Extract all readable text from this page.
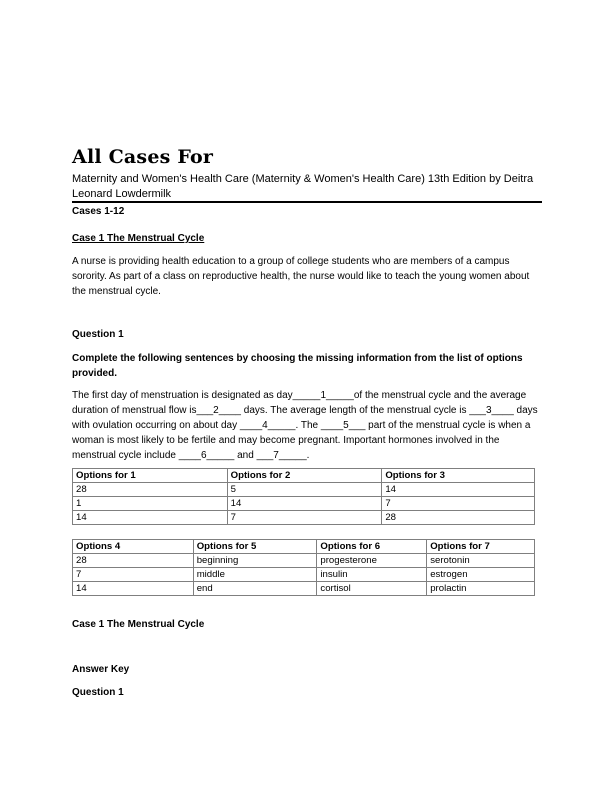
All Cases For
Maternity and Women's Health Care (Maternity & Women's Health Care) 13th Edition by Deitra Leonard Lowdermilk
Cases 1-12
Case 1 The Menstrual Cycle
A nurse is providing health education to a group of college students who are members of a campus sorority. As part of a class on reproductive health, the nurse would like to teach the young women about the menstrual cycle.
Question 1
Complete the following sentences by choosing the missing information from the list of options provided.
The first day of menstruation is designated as day_____1_____of the menstrual cycle and the average duration of menstrual flow is___2____ days. The average length of the menstrual cycle is ___3____ days with ovulation occurring on about day ____4_____. The ____5___ part of the menstrual cycle is when a woman is most likely to be fertile and may become pregnant. Important hormones involved in the menstrual cycle include ____6_____ and ___7_____.
Options for 1	Options for 2	Options for 3
28	5	14
1	14	7
14	7	28
Options 4	Options for 5	Options for 6	Options for 7
28	beginning	progesterone	serotonin
7	middle	insulin	estrogen
14	end	cortisol	prolactin
Case 1 The Menstrual Cycle
Answer Key
Question 1
